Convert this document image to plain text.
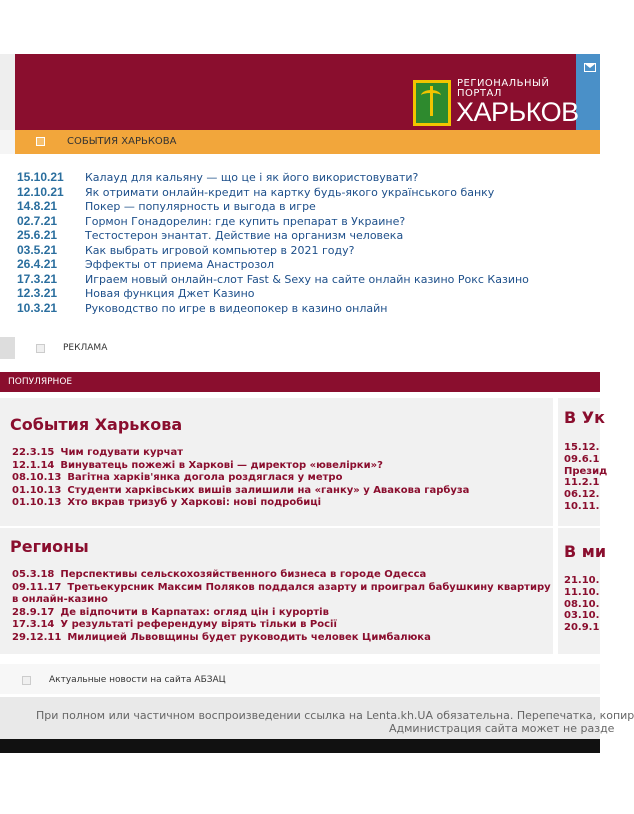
РЕГИОНАЛЬНЫЙ
ПОРТАЛ
ХАРЬКОВ
СОБЫТИЯ ХАРЬКОВА
15.10.21 Калауд для кальяну — що це і як його використовувати?
12.10.21 Як отримати онлайн-кредит на картку будь-якого українського банку
14.8.21	Покер — популярность и выгода в игре
02.7.21	Гормон Гонадорелин: где купить препарат в Украине?
25.6.21	Тестостерон энантат. Действие на организм человека
03.5.21	Как выбрать игровой компьютер в 2021 году?
26.4.21	Эффекты от приема Анастрозол
17.3.21	Играем новый онлайн-слот Fast & Sexy на сайте онлайн казино Рокс Казино
12.3.21	Новая функция Джет Казино
10.3.21	Руководство по игре в видеопокер в казино онлайн
РЕКЛАМА
ПОПУЛЯРНОЕ
События Харькова
22.3.15 Чим годувати курчат
12.1.14 Винуватець пожежі в Харкові — директор «ювелірки»?
08.10.13 Вагітна харків'янка догола роздяглася у метро
01.10.13 Студенти харківських вишів залишили на «ганку» у Авакова гарбуза
01.10.13 Хто вкрав тризуб у Харкові: нові подробиці
Регионы
05.3.18 Перспективы сельскохозяйственного бизнеса в городе Одесса
09.11.17 Третьекурсник Максим Поляков поддался азарту и проиграл бабушкину квартиру
в онлайн-казино
28.9.17 Де відпочити в Карпатах: огляд цін і курортів
17.3.14 У результаті референдуму вірять тільки в Росії
29.12.11 Милицией Львовщины будет руководить человек Цимбалюка
В Ук
15.12.
09.6.1
Презид
11.2.1
06.12.
10.11.
В ми
21.10.
11.10.
08.10.
03.10.
20.9.1
Актуальные новости на сайта АБЗАЦ
При полном или частичном воспроизведении ссылка на Lenta.kh.UA обязательна. Перепечатка, копир
Администрация сайта может не разде
